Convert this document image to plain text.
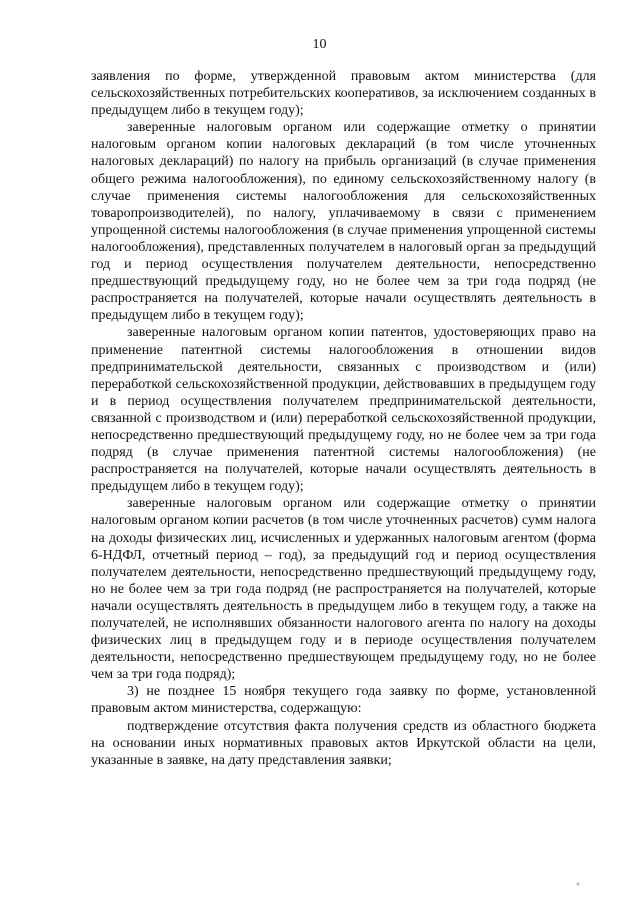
10

заявления по форме, утвержденной правовым актом министерства (для сельскохозяйственных потребительских кооперативов, за исключением созданных в предыдущем либо в текущем году);

заверенные налоговым органом или содержащие отметку о принятии налоговым органом копии налоговых деклараций (в том числе уточненных налоговых деклараций) по налогу на прибыль организаций (в случае применения общего режима налогообложения), по единому сельскохозяйственному налогу (в случае применения системы налогообложения для сельскохозяйственных товаропроизводителей), по налогу, уплачиваемому в связи с применением упрощенной системы налогообложения (в случае применения упрощенной системы налогообложения), представленных получателем в налоговый орган за предыдущий год и период осуществления получателем деятельности, непосредственно предшествующий предыдущему году, но не более чем за три года подряд (не распространяется на получателей, которые начали осуществлять деятельность в предыдущем либо в текущем году);

заверенные налоговым органом копии патентов, удостоверяющих право на применение патентной системы налогообложения в отношении видов предпринимательской деятельности, связанных с производством и (или) переработкой сельскохозяйственной продукции, действовавших в предыдущем году и в период осуществления получателем предпринимательской деятельности, связанной с производством и (или) переработкой сельскохозяйственной продукции, непосредственно предшествующий предыдущему году, но не более чем за три года подряд (в случае применения патентной системы налогообложения) (не распространяется на получателей, которые начали осуществлять деятельность в предыдущем либо в текущем году);

заверенные налоговым органом или содержащие отметку о принятии налоговым органом копии расчетов (в том числе уточненных расчетов) сумм налога на доходы физических лиц, исчисленных и удержанных налоговым агентом (форма 6-НДФЛ, отчетный период – год), за предыдущий год и период осуществления получателем деятельности, непосредственно предшествующий предыдущему году, но не более чем за три года подряд (не распространяется на получателей, которые начали осуществлять деятельность в предыдущем либо в текущем году, а также на получателей, не исполнявших обязанности налогового агента по налогу на доходы физических лиц в предыдущем году и в периоде осуществления получателем деятельности, непосредственно предшествующем предыдущему году, но не более чем за три года подряд);

3) не позднее 15 ноября текущего года заявку по форме, установленной правовым актом министерства, содержащую:

подтверждение отсутствия факта получения средств из областного бюджета на основании иных нормативных правовых актов Иркутской области на цели, указанные в заявке, на дату представления заявки;

«
